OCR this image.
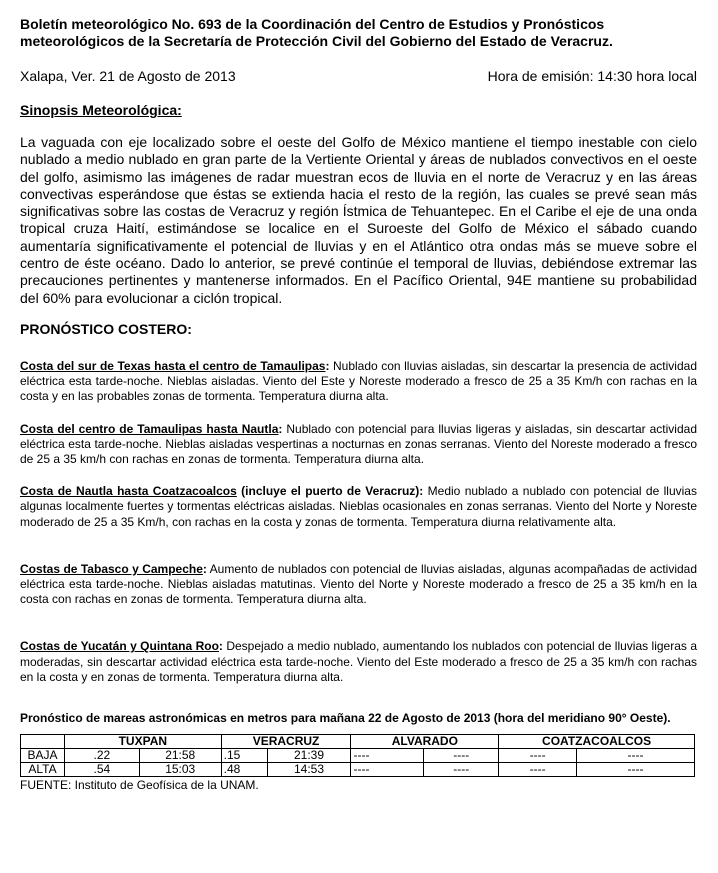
Boletín meteorológico No. 693 de la Coordinación del Centro de Estudios y Pronósticos
meteorológicos de la Secretaría de Protección Civil del Gobierno del Estado de Veracruz.

Xalapa, Ver. 21 de Agosto de 2013	Hora de emisión: 14:30 hora local
Sinopsis Meteorológica:
La vaguada con eje localizado sobre el oeste del Golfo de México mantiene el tiempo inestable con cielo nublado a medio nublado en gran parte de la Vertiente Oriental y áreas de nublados convectivos en el oeste del golfo, asimismo las imágenes de radar muestran ecos de lluvia en el norte de Veracruz y en las áreas convectivas esperándose que éstas se extienda hacia el resto de la región, las cuales se prevé sean más significativas sobre las costas de Veracruz y región Ístmica de Tehuantepec. En el Caribe el eje de una onda tropical cruza Haití, estimándose se localice en el Suroeste del Golfo de México el sábado cuando aumentaría significativamente el potencial de lluvias y en el Atlántico otra ondas más se mueve sobre el centro de éste océano. Dado lo anterior, se prevé continúe el temporal de lluvias, debiéndose extremar las precauciones pertinentes y mantenerse informados. En el Pacífico Oriental, 94E mantiene su probabilidad del 60% para evolucionar a ciclón tropical.
PRONÓSTICO COSTERO:

Costa del sur de Texas hasta el centro de Tamaulipas: Nublado con lluvias aisladas, sin descartar la presencia de actividad eléctrica esta tarde-noche. Nieblas aisladas. Viento del Este y Noreste moderado a fresco de 25 a 35 Km/h con rachas en la costa y en las probables zonas de tormenta. Temperatura diurna alta.

Costa del centro de Tamaulipas hasta Nautla: Nublado con potencial para lluvias ligeras y aisladas, sin descartar actividad eléctrica esta tarde-noche. Nieblas aisladas vespertinas a nocturnas en zonas serranas. Viento del Noreste moderado a fresco de 25 a 35 km/h con rachas en zonas de tormenta. Temperatura diurna alta.

Costa de Nautla hasta Coatzacoalcos (incluye el puerto de Veracruz): Medio nublado a nublado con potencial de lluvias algunas localmente fuertes y tormentas eléctricas aisladas. Nieblas ocasionales en zonas serranas. Viento del Norte y Noreste moderado de 25 a 35 Km/h, con rachas en la costa y zonas de tormenta. Temperatura diurna relativamente alta.

Costas de Tabasco y Campeche: Aumento de nublados con potencial de lluvias aisladas, algunas acompañadas de actividad eléctrica esta tarde-noche. Nieblas aisladas matutinas. Viento del Norte y Noreste moderado a fresco de 25 a 35 km/h en la costa con rachas en zonas de tormenta. Temperatura diurna alta.

Costas de Yucatán y Quintana Roo: Despejado a medio nublado, aumentando los nublados con potencial de lluvias ligeras a moderadas, sin descartar actividad eléctrica esta tarde-noche. Viento del Este moderado a fresco de 25 a 35 km/h con rachas en la costa y en zonas de tormenta. Temperatura diurna alta.

Pronóstico de mareas astronómicas en metros para mañana 22 de Agosto de 2013 (hora del meridiano 90° Oeste).
	TUXPAN		VERACRUZ		ALVARADO		COATZACOALCOS	
BAJA	.22	21:58	.15	21:39	----	----	----	----
ALTA	.54	15:03	.48	14:53	----	----	----	----
FUENTE: Instituto de Geofísica de la UNAM.
